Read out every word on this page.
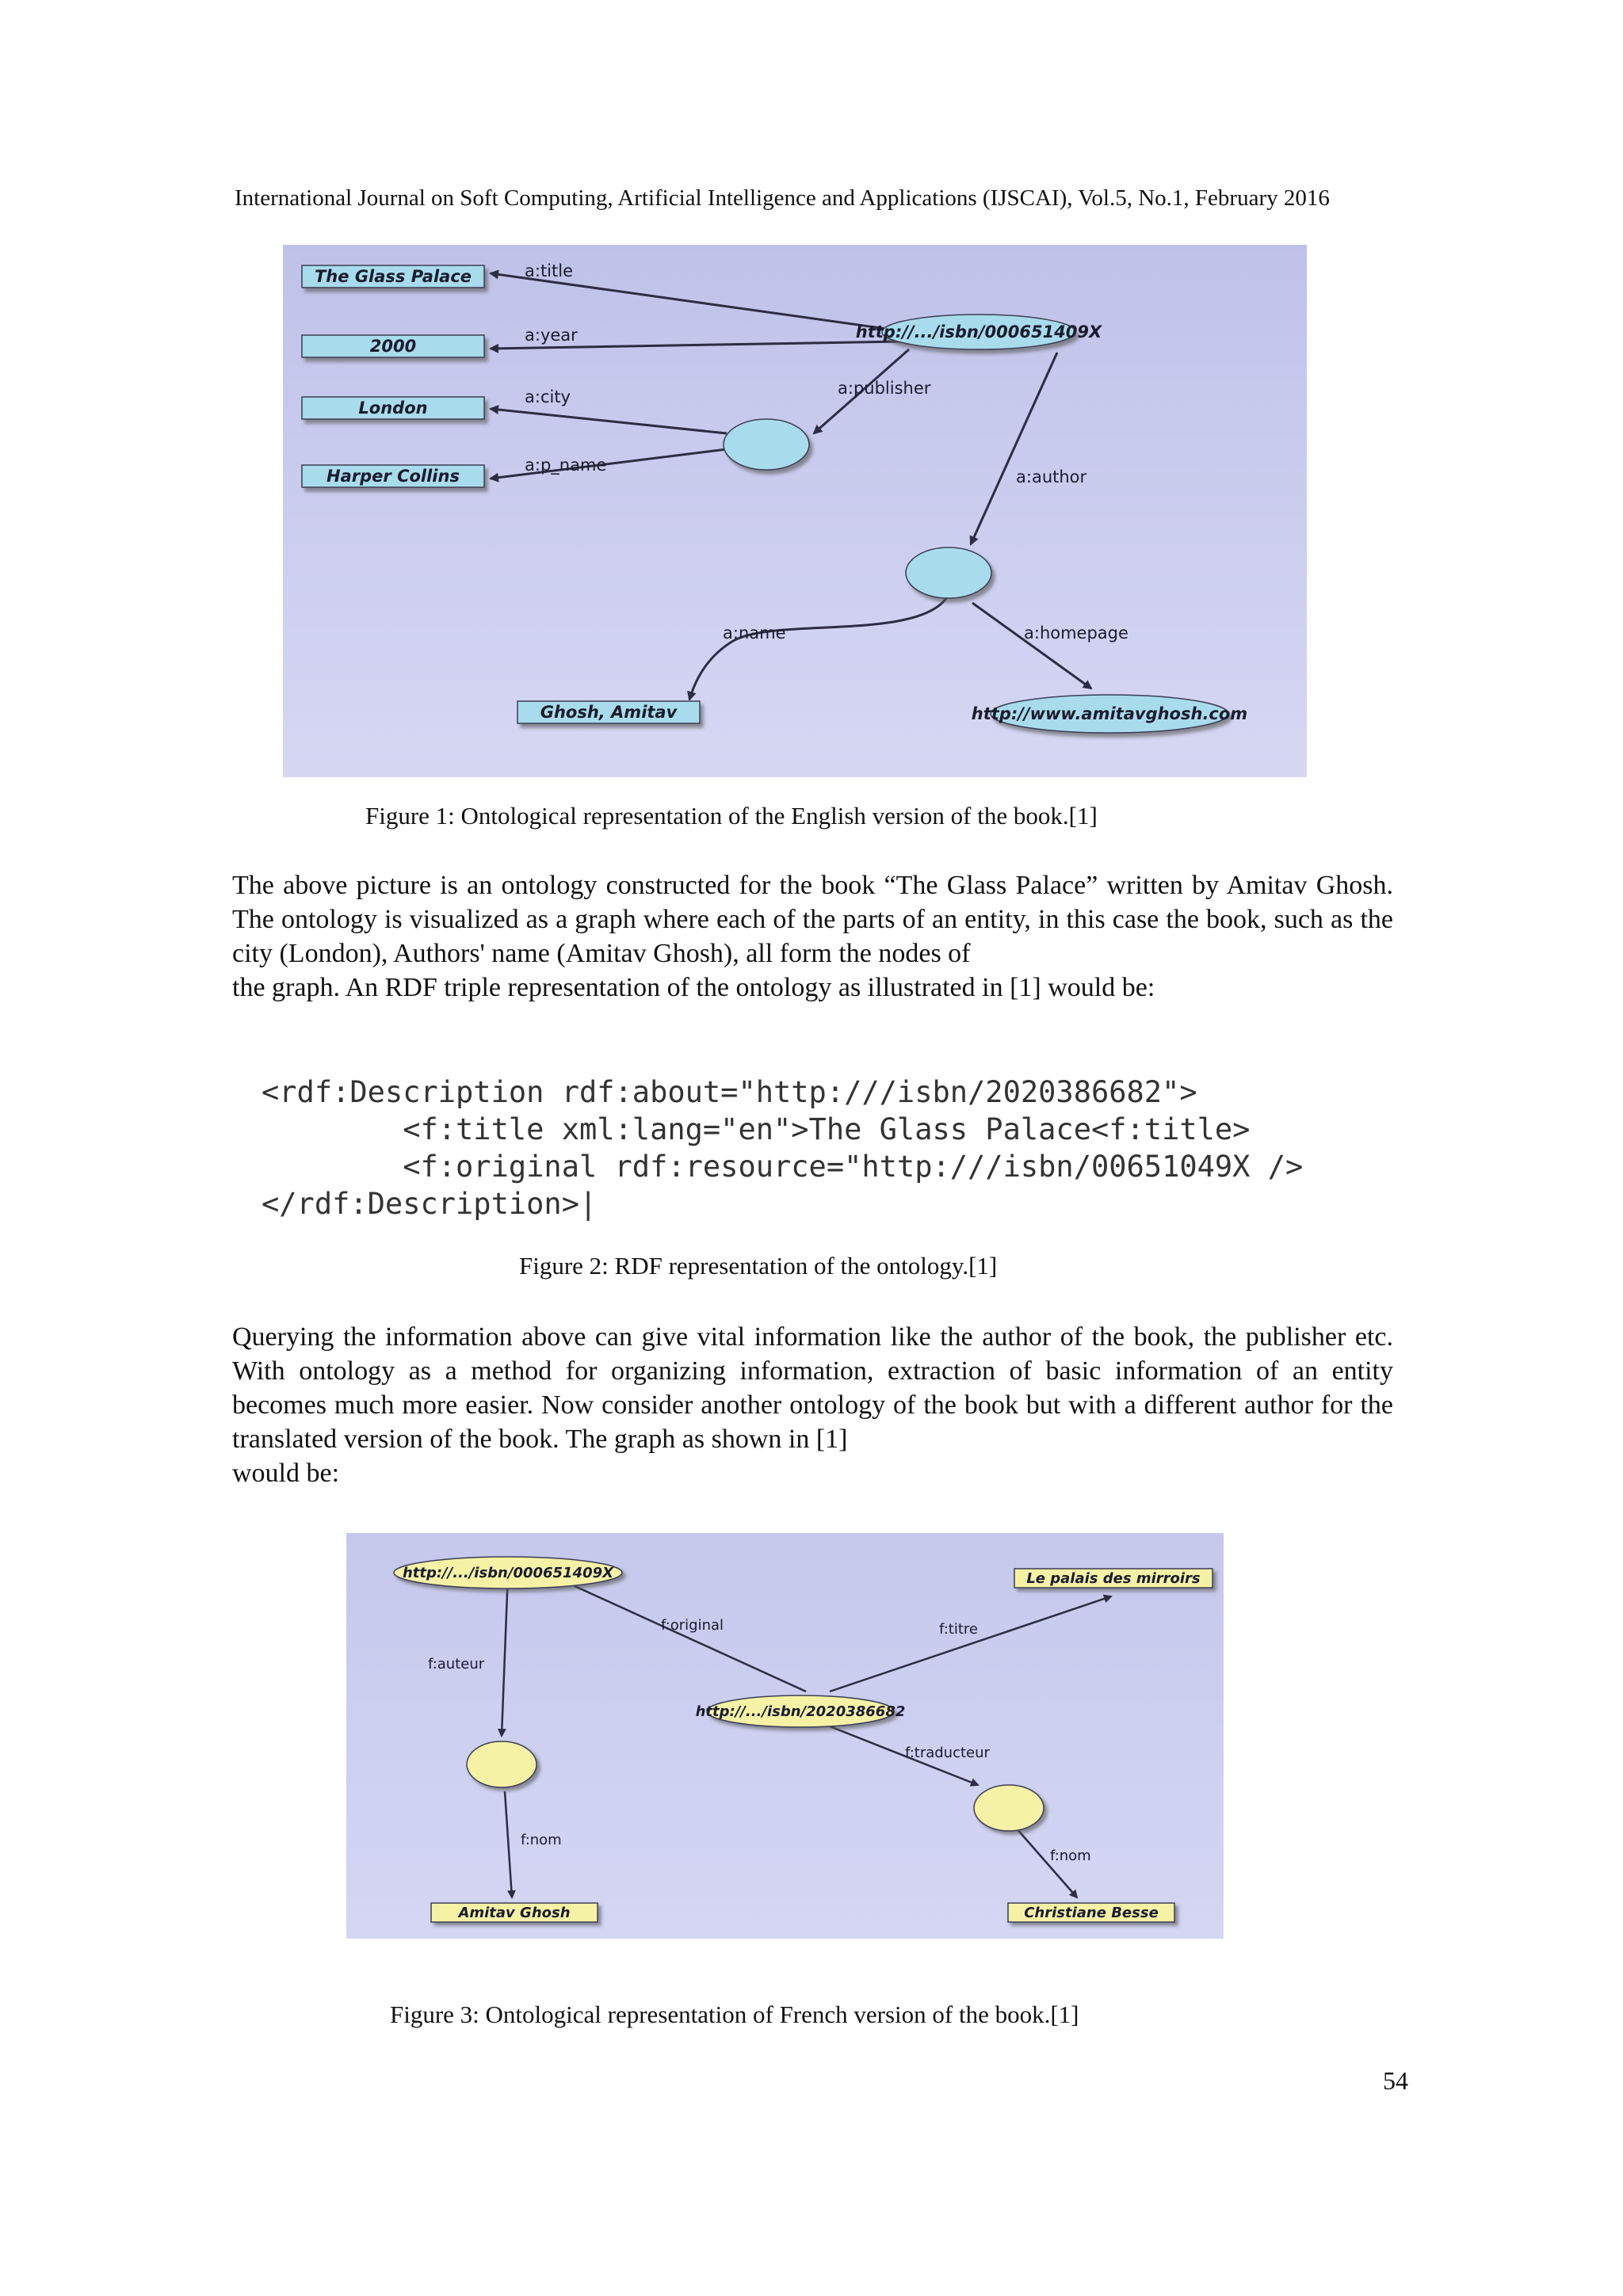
International Journal on Soft Computing, Artificial Intelligence and Applications (IJSCAI), Vol.5, No.1, February 2016
a:title
a:year
a:city
a:p_name
a:publisher
a:author
a:name	a:homepage
The Glass Palace
2000
London
Harper Collins
http://.../isbn/000651409X
Ghosh, Amitav	http://www.amitavghosh.com
Figure 1: Ontological representation of the English version of the book.[1]
The above picture is an ontology constructed for the book “The Glass Palace” written by Amitav Ghosh. The ontology is visualized as a graph where each of the parts of an entity, in this case the book, such as the city (London), Authors' name (Amitav Ghosh), all form the nodes of
the graph. An RDF triple representation of the ontology as illustrated in [1] would be:
<rdf:Description rdf:about="http:///isbn/2020386682">
<f:title xml:lang="en">The Glass Palace<f:title>
<f:original rdf:resource="http:///isbn/00651049X />
</rdf:Description>|
Figure 2: RDF representation of the ontology.[1]
Querying the information above can give vital information like the author of the book, the publisher etc. With ontology as a method for organizing information, extraction of basic information of an entity becomes much more easier. Now consider another ontology of the book but with a different author for the translated version of the book. The graph as shown in [1]
would be:
f:auteur
f:original	f:titre
f:traducteur
f:nom
f:nom
http://.../isbn/000651409X	Le palais des mirroirs
http://.../isbn/2020386682
Amitav Ghosh	Christiane Besse
Figure 3: Ontological representation of French version of the book.[1]
54
